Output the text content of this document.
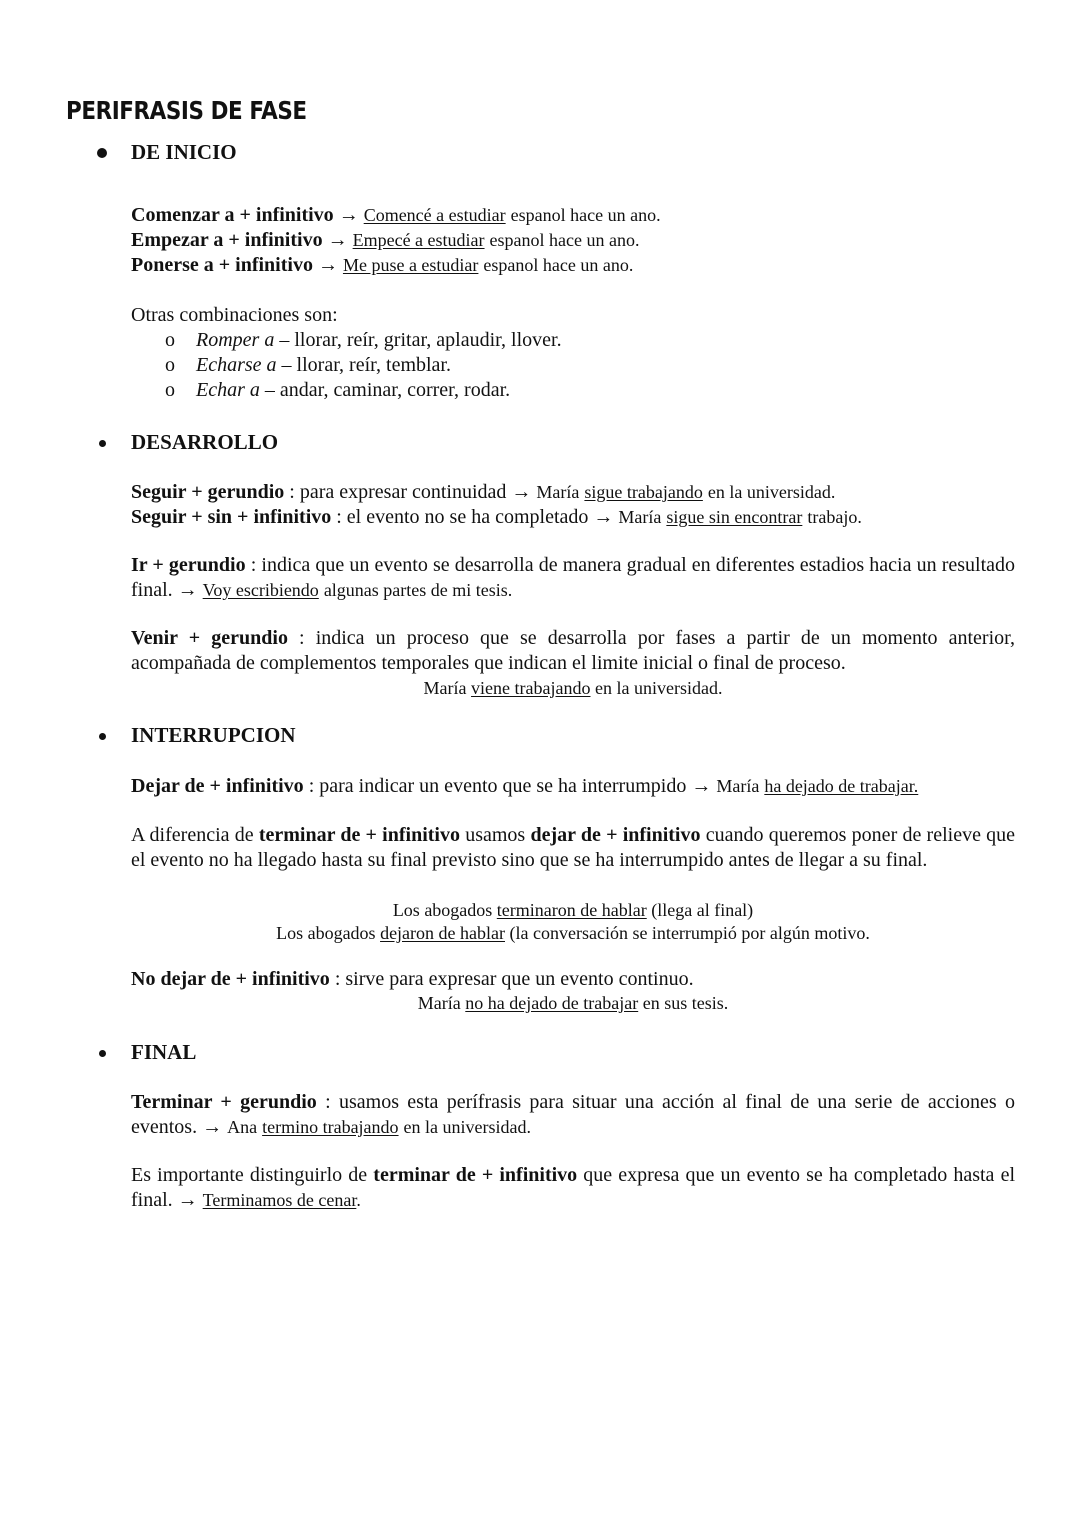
PERIFRASIS DE FASE
DE INICIO
Comenzar a + infinitivo → Comencé a estudiar espanol hace un ano.
Empezar a + infinitivo → Empecé a estudiar espanol hace un ano.
Ponerse a + infinitivo → Me puse a estudiar espanol hace un ano.
Otras combinaciones son:
o Romper a – llorar, reír, gritar, aplaudir, llover.
o Echarse a – llorar, reír, temblar.
o Echar a – andar, caminar, correr, rodar.
DESARROLLO
Seguir + gerundio : para expresar continuidad → María sigue trabajando en la universidad.
Seguir + sin + infinitivo : el evento no se ha completado → María sigue sin encontrar trabajo.
Ir + gerundio : indica que un evento se desarrolla de manera gradual en diferentes estadios hacia un resultado final. → Voy escribiendo algunas partes de mi tesis.
Venir + gerundio : indica un proceso que se desarrolla por fases a partir de un momento anterior, acompañada de complementos temporales que indican el limite inicial o final de proceso.
María viene trabajando en la universidad.
INTERRUPCION
Dejar de + infinitivo : para indicar un evento que se ha interrumpido → María ha dejado de trabajar.
A diferencia de terminar de + infinitivo usamos dejar de + infinitivo cuando queremos poner de relieve que el evento no ha llegado hasta su final previsto sino que se ha interrumpido antes de llegar a su final.
Los abogados terminaron de hablar (llega al final)
Los abogados dejaron de hablar (la conversación se interrumpió por algún motivo.
No dejar de + infinitivo : sirve para expresar que un evento continuo.
María no ha dejado de trabajar en sus tesis.
FINAL
Terminar + gerundio : usamos esta perífrasis para situar una acción al final de una serie de acciones o eventos. → Ana termino trabajando en la universidad.
Es importante distinguirlo de terminar de + infinitivo que expresa que un evento se ha completado hasta el final. → Terminamos de cenar.
